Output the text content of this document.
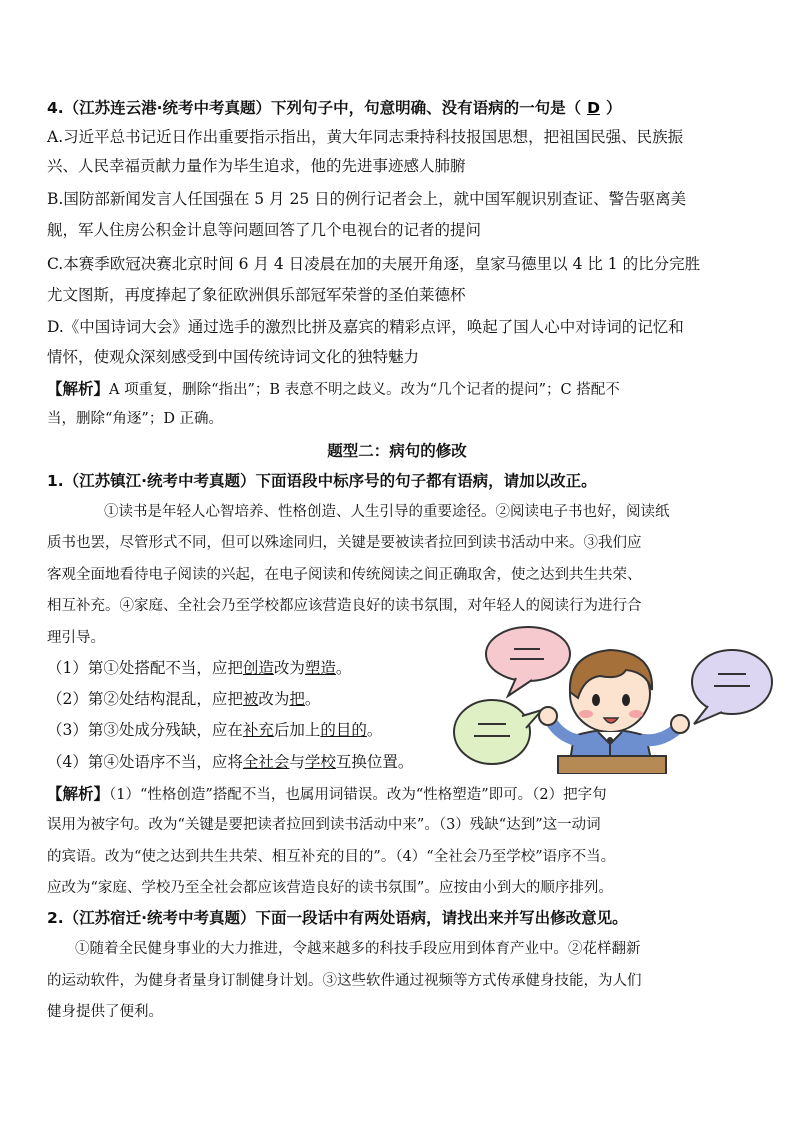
4.（江苏连云港·统考中考真题）下列句子中，句意明确、没有语病的一句是（ D ）
A.习近平总书记近日作出重要指示指出，黄大年同志秉持科技报国思想，把祖国民强、民族振
兴、人民幸福贡献力量作为毕生追求，他的先进事迹感人肺腑
B.国防部新闻发言人任国强在 5 月 25 日的例行记者会上，就中国军舰识别查证、警告驱离美
舰，军人住房公积金计息等问题回答了几个电视台的记者的提问
C.本赛季欧冠决赛北京时间 6 月 4 日凌晨在加的夫展开角逐，皇家马德里以 4 比 1 的比分完胜
尤文图斯，再度捧起了象征欧洲俱乐部冠军荣誉的圣伯莱德杯
D.《中国诗词大会》通过选手的激烈比拼及嘉宾的精彩点评，唤起了国人心中对诗词的记忆和
情怀，使观众深刻感受到中国传统诗词文化的独特魅力
【解析】A 项重复，删除“指出”；B 表意不明之歧义。改为“几个记者的提问”；C 搭配不
当，删除“角逐”；D 正确。
题型二：病句的修改
1.（江苏镇江·统考中考真题）下面语段中标序号的句子都有语病，请加以改正。
①读书是年轻人心智培养、性格创造、人生引导的重要途径。②阅读电子书也好，阅读纸
质书也罢，尽管形式不同，但可以殊途同归，关键是要被读者拉回到读书活动中来。③我们应
客观全面地看待电子阅读的兴起，在电子阅读和传统阅读之间正确取舍，使之达到共生共荣、
相互补充。④家庭、全社会乃至学校都应该营造良好的读书氛围，对年轻人的阅读行为进行合
理引导。
（1）第①处搭配不当，应把创造改为塑造。
（2）第②处结构混乱，应把被改为把。
（3）第③处成分残缺，应在补充后加上的目的。
（4）第④处语序不当，应将全社会与学校互换位置。
【解析】（1）“性格创造”搭配不当，也属用词错误。改为“性格塑造”即可。（2）把字句
误用为被字句。改为“关键是要把读者拉回到读书活动中来”。（3）残缺“达到”这一动词
的宾语。改为“使之达到共生共荣、相互补充的目的”。（4）“全社会乃至学校”语序不当。
应改为“家庭、学校乃至全社会都应该营造良好的读书氛围”。应按由小到大的顺序排列。
2.（江苏宿迁·统考中考真题）下面一段话中有两处语病，请找出来并写出修改意见。
①随着全民健身事业的大力推进，令越来越多的科技手段应用到体育产业中。②花样翻新
的运动软件，为健身者量身订制健身计划。③这些软件通过视频等方式传承健身技能，为人们
健身提供了便利。
